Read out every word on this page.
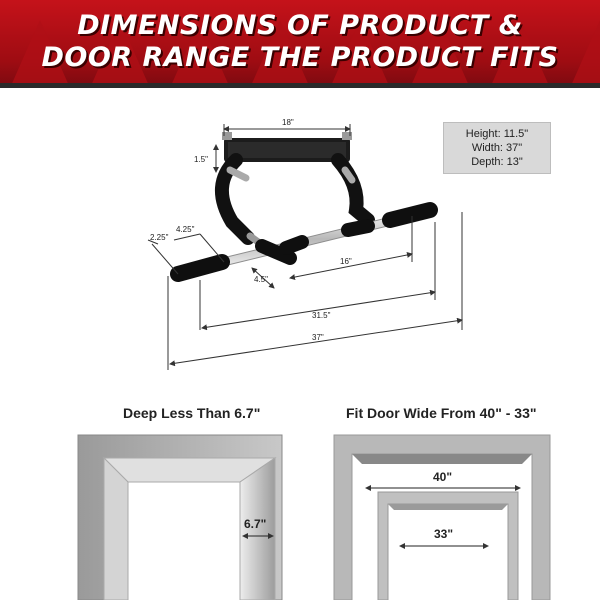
DIMENSIONS OF PRODUCT &
DOOR RANGE THE PRODUCT FITS
Height: 11.5"
Width: 37"
Depth: 13"
18"
1.5"
2.25"
4.25"
16"
4.5"
31.5"
37"
Deep Less Than 6.7"
6.7"
Fit Door Wide From 40" - 33"
40"
33"
